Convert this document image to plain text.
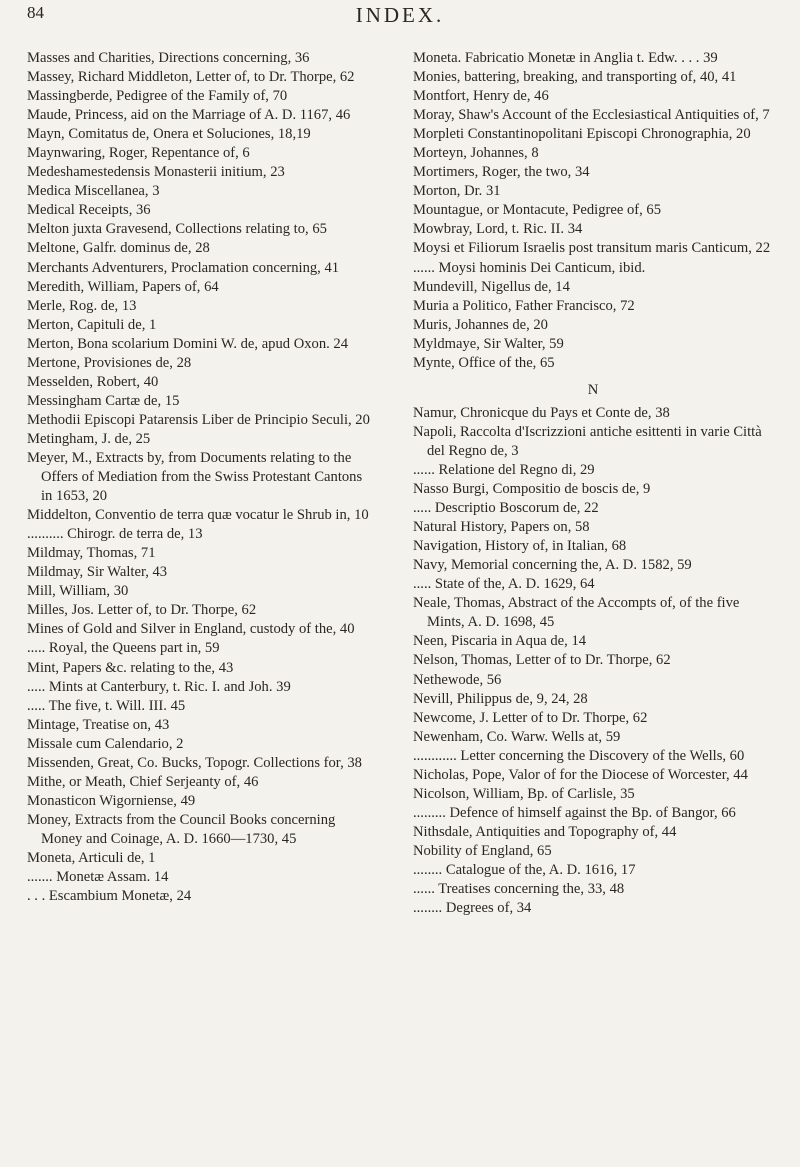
84	INDEX.
Masses and Charities, Directions concerning, 36
Massey, Richard Middleton, Letter of, to Dr. Thorpe, 62
Massingberde, Pedigree of the Family of, 70
Maude, Princess, aid on the Marriage of A. D. 1167, 46
Mayn, Comitatus de, Onera et Soluciones, 18,19
Maynwaring, Roger, Repentance of, 6
Medeshamestedensis Monasterii initium, 23
Medica Miscellanea, 3
Medical Receipts, 36
Melton juxta Gravesend, Collections relating to, 65
Meltone, Galfr. dominus de, 28
Merchants Adventurers, Proclamation concerning, 41
Meredith, William, Papers of, 64
Merle, Rog. de, 13
Merton, Capituli de, 1
Merton, Bona scolarium Domini W. de, apud Oxon. 24
Mertone, Provisiones de, 28
Messelden, Robert, 40
Messingham Cartæ de, 15
Methodii Episcopi Patarensis Liber de Principio Seculi, 20
Metingham, J. de, 25
Meyer, M., Extracts by, from Documents relating to the Offers of Mediation from the Swiss Protestant Cantons in 1653, 20
Middelton, Conventio de terra quæ vocatur le Shrub in, 10
.......... Chirogr. de terra de, 13
Mildmay, Thomas, 71
Mildmay, Sir Walter, 43
Mill, William, 30
Milles, Jos. Letter of, to Dr. Thorpe, 62
Mines of Gold and Silver in England, custody of the, 40
..... Royal, the Queens part in, 59
Mint, Papers &c. relating to the, 43
..... Mints at Canterbury, t. Ric. I. and Joh. 39
..... The five, t. Will. III. 45
Mintage, Treatise on, 43
Missale cum Calendario, 2
Missenden, Great, Co. Bucks, Topogr. Collections for, 38
Mithe, or Meath, Chief Serjeanty of, 46
Monasticon Wigorniense, 49
Money, Extracts from the Council Books concerning Money and Coinage, A. D. 1660—1730, 45
Moneta, Articuli de, 1
....... Monetæ Assam. 14
. . . Escambium Monetæ, 24
Moneta. Fabricatio Monetæ in Anglia t. Edw. . . . 39
Monies, battering, breaking, and transporting of, 40, 41
Montfort, Henry de, 46
Moray, Shaw's Account of the Ecclesiastical Antiquities of, 7
Morpleti Constantinopolitani Episcopi Chronographia, 20
Morteyn, Johannes, 8
Mortimers, Roger, the two, 34
Morton, Dr. 31
Mountague, or Montacute, Pedigree of, 65
Mowbray, Lord, t. Ric. II. 34
Moysi et Filiorum Israelis post transitum maris Canticum, 22
...... Moysi hominis Dei Canticum, ibid.
Mundevill, Nigellus de, 14
Muria a Politico, Father Francisco, 72
Muris, Johannes de, 20
Myldmaye, Sir Walter, 59
Mynte, Office of the, 65
N
Namur, Chronicque du Pays et Conte de, 38
Napoli, Raccolta d'Iscrizzioni antiche esittenti in varie Città del Regno de, 3
...... Relatione del Regno di, 29
Nasso Burgi, Compositio de boscis de, 9
..... Descriptio Boscorum de, 22
Natural History, Papers on, 58
Navigation, History of, in Italian, 68
Navy, Memorial concerning the, A. D. 1582, 59
..... State of the, A. D. 1629, 64
Neale, Thomas, Abstract of the Accompts of, of the five Mints, A. D. 1698, 45
Neen, Piscaria in Aqua de, 14
Nelson, Thomas, Letter of to Dr. Thorpe, 62
Nethewode, 56
Nevill, Philippus de, 9, 24, 28
Newcome, J. Letter of to Dr. Thorpe, 62
Newenham, Co. Warw. Wells at, 59
............ Letter concerning the Discovery of the Wells, 60
Nicholas, Pope, Valor of for the Diocese of Worcester, 44
Nicolson, William, Bp. of Carlisle, 35
......... Defence of himself against the Bp. of Bangor, 66
Nithsdale, Antiquities and Topography of, 44
Nobility of England, 65
........ Catalogue of the, A. D. 1616, 17
...... Treatises concerning the, 33, 48
........ Degrees of, 34
